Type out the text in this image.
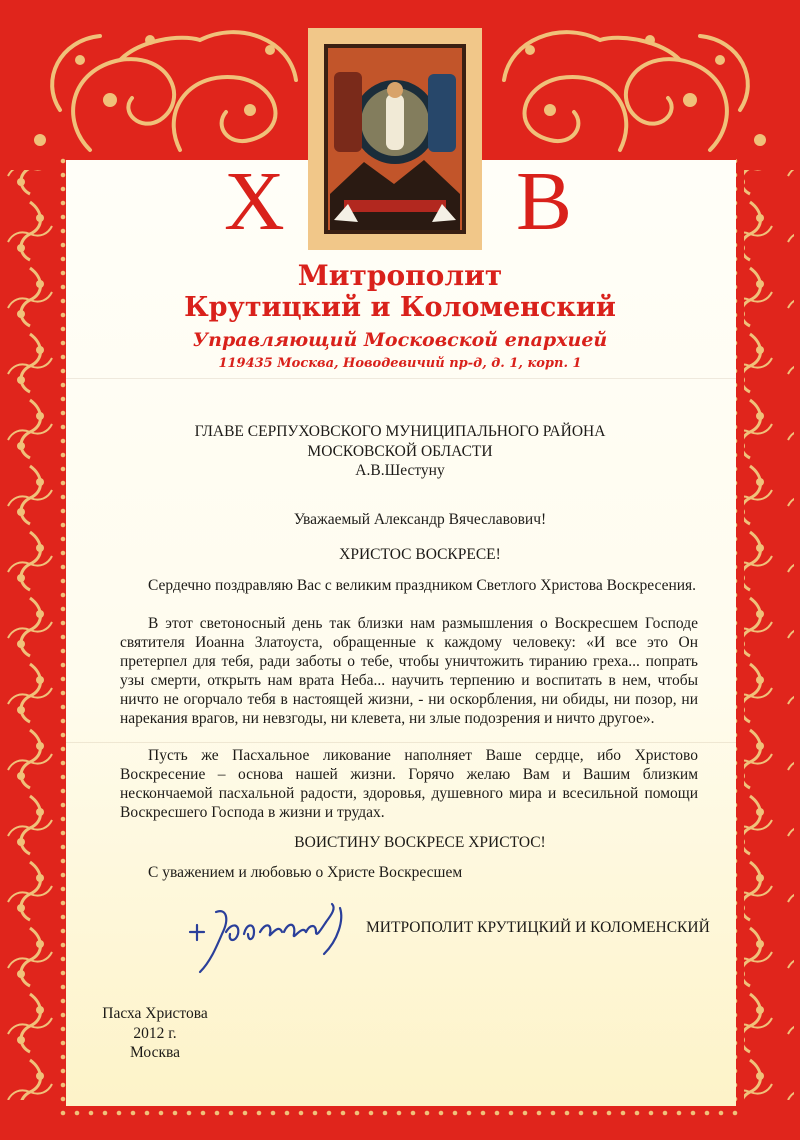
Х	В
Митрополит
Крутицкий и Коломенский
Управляющий Московской епархией
119435 Москва, Новодевичий пр-д, д. 1, корп. 1
ГЛАВЕ СЕРПУХОВСКОГО МУНИЦИПАЛЬНОГО РАЙОНА
МОСКОВСКОЙ ОБЛАСТИ
А.В.Шестуну
Уважаемый Александр Вячеславович!
ХРИСТОС ВОСКРЕСЕ!
Сердечно поздравляю Вас с великим праздником Светлого Христова Воскресения.
В этот светоносный день так близки нам размышления о Воскресшем Господе святителя Иоанна Златоуста, обращенные к каждому человеку: «И все это Он претерпел для тебя, ради заботы о тебе, чтобы уничтожить тиранию греха... попрать узы смерти, открыть нам врата Неба... научить терпению и воспитать в нем, чтобы ничто не огорчало тебя в настоящей жизни, - ни оскорбления, ни обиды, ни позор, ни нарекания врагов, ни невзгоды, ни клевета, ни злые подозрения и ничто другое».
Пусть же Пасхальное ликование наполняет Ваше сердце, ибо Христово Воскресение – основа нашей жизни. Горячо желаю Вам и Вашим близким нескончаемой пасхальной радости, здоровья, душевного мира и всесильной помощи Воскресшего Господа в жизни и трудах.
ВОИСТИНУ ВОСКРЕСЕ ХРИСТОС!
С уважением и любовью о Христе Воскресшем
МИТРОПОЛИТ КРУТИЦКИЙ И КОЛОМЕНСКИЙ
Пасха Христова
2012 г.
Москва
